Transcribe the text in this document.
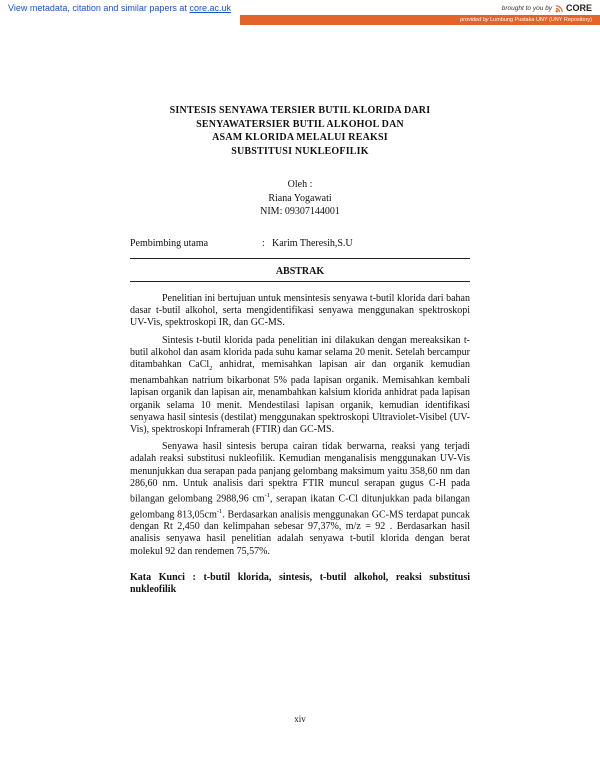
View metadata, citation and similar papers at core.ac.uk	brought to you by CORE
provided by Lumbung Pustaka UNY (UNY Repository)
SINTESIS SENYAWA TERSIER BUTIL KLORIDA DARI
SENYAWATERSIER BUTIL ALKOHOL DAN
ASAM KLORIDA MELALUI REAKSI
SUBSTITUSI NUKLEOFILIK
Oleh :
Riana Yogawati
NIM: 09307144001
Pembimbing utama	: Karim Theresih,S.U
ABSTRAK

Penelitian ini bertujuan untuk mensintesis senyawa t-butil klorida dari bahan dasar t-butil alkohol, serta mengidentifikasi senyawa menggunakan spektroskopi UV-Vis, spektroskopi IR, dan GC-MS.

Sintesis t-butil klorida pada penelitian ini dilakukan dengan mereaksikan t-butil alkohol dan asam klorida pada suhu kamar selama 20 menit. Setelah bercampur ditambahkan CaCl$_2$ anhidrat, memisahkan lapisan air dan organik kemudian menambahkan natrium bikarbonat 5% pada lapisan organik. Memisahkan kembali lapisan organik dan lapisan air, menambahkan kalsium klorida anhidrat pada lapisan organik selama 10 menit. Mendestilasi lapisan organik, kemudian identifikasi senyawa hasil sintesis (destilat) menggunakan spektroskopi Ultraviolet-Visibel (UV-Vis), spektroskopi Inframerah (FTIR) dan GC-MS.

Senyawa hasil sintesis berupa cairan tidak berwarna, reaksi yang terjadi adalah reaksi substitusi nukleofilik. Kemudian menganalisis menggunakan UV-Vis menunjukkan dua serapan pada panjang gelombang maksimum yaitu 358,60 nm dan 286,60 nm. Untuk analisis dari spektra FTIR muncul serapan gugus C-H pada bilangan gelombang 2988,96 $cm^{-1}$, serapan ikatan C-Cl ditunjukkan pada bilangan gelombang $813,05cm^{-1}$. Berdasarkan analisis menggunakan GC-MS terdapat puncak dengan Rt 2,450 dan kelimpahan sebesar 97,37%, m/z = 92 . Berdasarkan hasil analisis senyawa hasil penelitian adalah senyawa t-butil klorida dengan berat molekul 92 dan rendemen 75,57%.

Kata Kunci : t-butil klorida, sintesis, t-butil alkohol, reaksi substitusi nukleofilik
xiv
